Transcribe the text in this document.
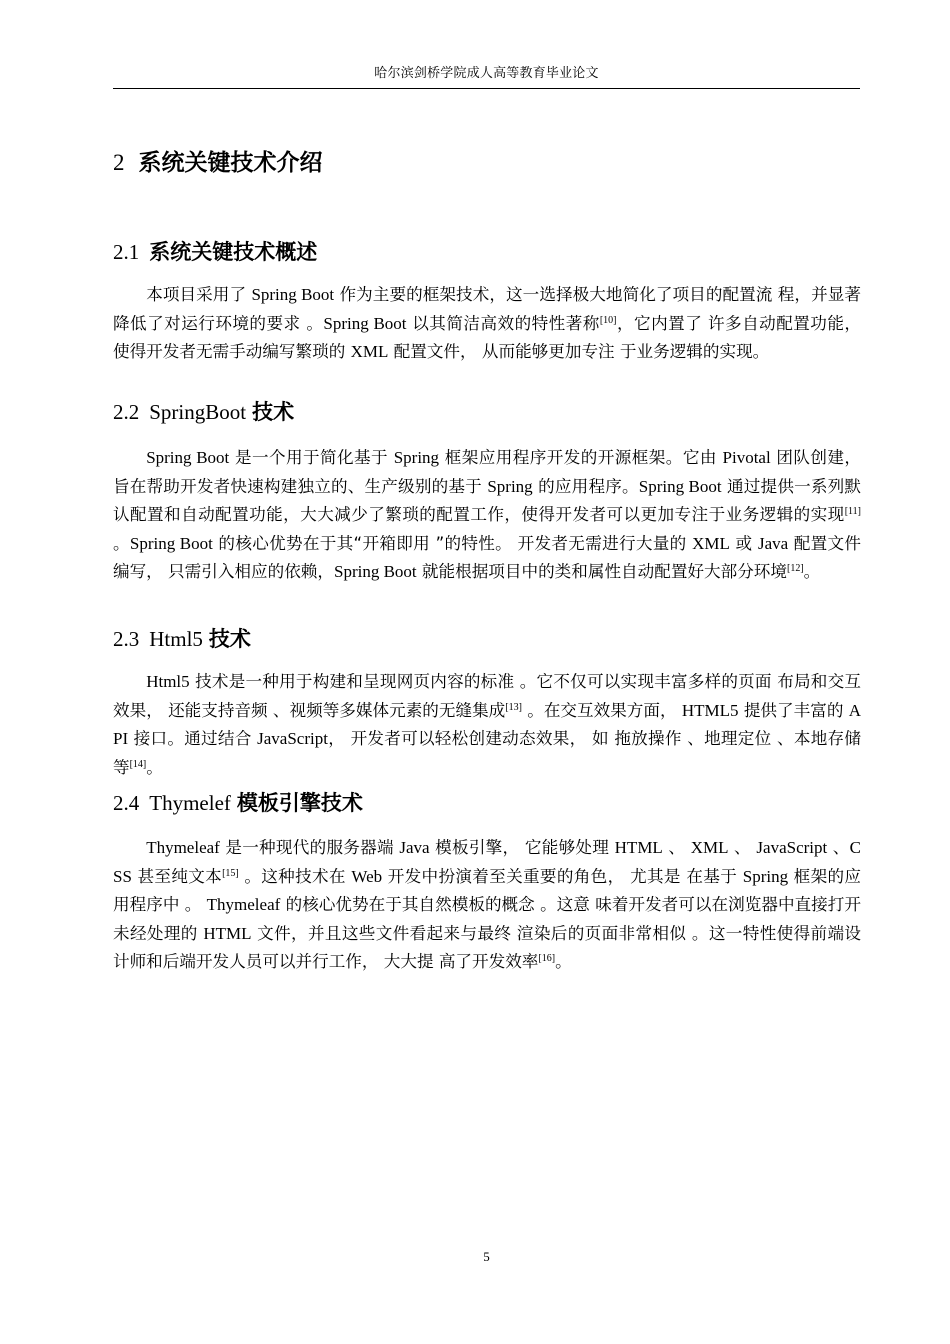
哈尔滨剑桥学院成人高等教育毕业论文
2 系统关键技术介绍
2.1 系统关键技术概述

本项目采用了 Spring Boot 作为主要的框架技术，这一选择极大地简化了项目的配置流 程，并显著降低了对运行环境的要求 。Spring Boot 以其简洁高效的特性著称[10]，它内置了 许多自动配置功能， 使得开发者无需手动编写繁琐的 XML 配置文件， 从而能够更加专注 于业务逻辑的实现。

2.2 SpringBoot 技术

Spring Boot 是一个用于简化基于 Spring 框架应用程序开发的开源框架。它由 Pivotal 团队创建， 旨在帮助开发者快速构建独立的、生产级别的基于 Spring 的应用程序。Spring Boot 通过提供一系列默认配置和自动配置功能，大大减少了繁琐的配置工作，使得开发者可以更加专注于业务逻辑的实现[11] 。Spring Boot 的核心优势在于其“开箱即用 ”的特性。 开发者无需进行大量的 XML 或 Java 配置文件编写， 只需引入相应的依赖，Spring Boot 就能根据项目中的类和属性自动配置好大部分环境[12]。

2.3 Html5 技术

Html5 技术是一种用于构建和呈现网页内容的标准 。它不仅可以实现丰富多样的页面 布局和交互效果， 还能支持音频 、视频等多媒体元素的无缝集成[13] 。在交互效果方面， HTML5 提供了丰富的 API 接口。通过结合 JavaScript， 开发者可以轻松创建动态效果， 如 拖放操作 、地理定位 、本地存储等[14]。

2.4 Thymelef 模板引擎技术

Thymeleaf 是一种现代的服务器端 Java 模板引擎， 它能够处理 HTML 、 XML 、 JavaScript 、CSS 甚至纯文本[15] 。这种技术在 Web 开发中扮演着至关重要的角色， 尤其是 在基于 Spring 框架的应用程序中 。 Thymeleaf 的核心优势在于其自然模板的概念 。这意 味着开发者可以在浏览器中直接打开未经处理的 HTML 文件，并且这些文件看起来与最终 渲染后的页面非常相似 。这一特性使得前端设计师和后端开发人员可以并行工作， 大大提 高了开发效率[16]。

5
